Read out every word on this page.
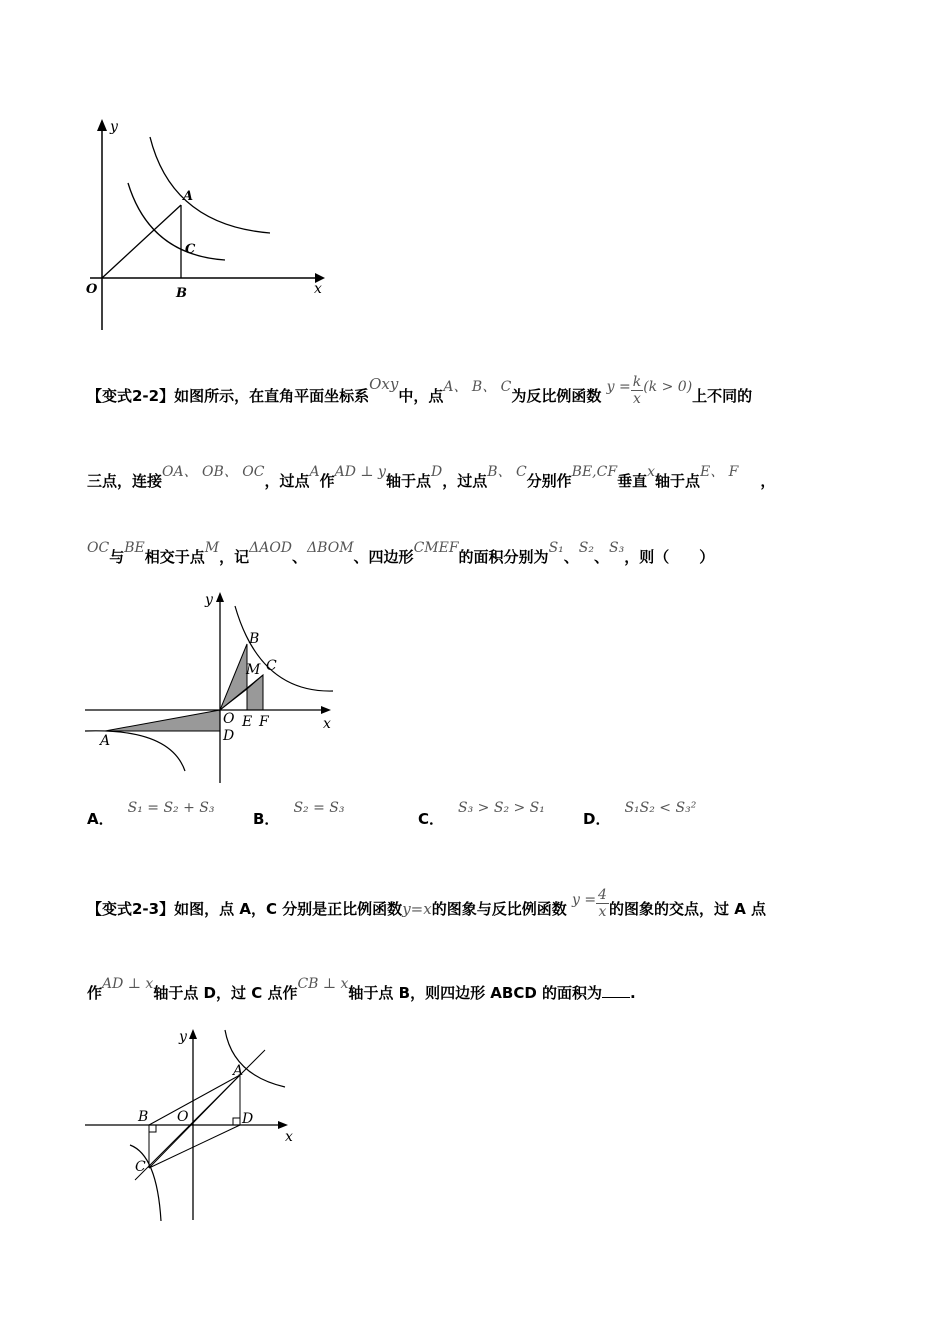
y
x
O
A
B
C
【变式2-2】如图所示，在直角平面坐标系Oxy中，点A、 B、 C为反比例函数 $y = \frac{k}{x} (k > 0)$上不同的
三点，连接OA、 OB、 OC，过点A作AD ⊥ y轴于点D，过点B、 C分别作BE,CF垂直x轴于点E、 F ，
OC与BE相交于点M，记ΔAOD、ΔBOM、四边形CMEF的面积分别为S₁、S₂、S₃，则（　　）
y
x
O
D
A
B
M C
E F
A．S₁ = S₂ + S₃
B．S₂ = S₃
C．S₃ > S₂ > S₁
D．S₁S₂ < S₃²
【变式2-3】如图，点 A，C 分别是正比例函数y=x的图象与反比例函数 $y = \frac{4}{x}$ 的图象的交点，过 A 点
作AD ⊥ x轴于点 D，过 C 点作CB ⊥ x轴于点 B，则四边形 ABCD 的面积为 .
y
x
O
A
B
C
D
